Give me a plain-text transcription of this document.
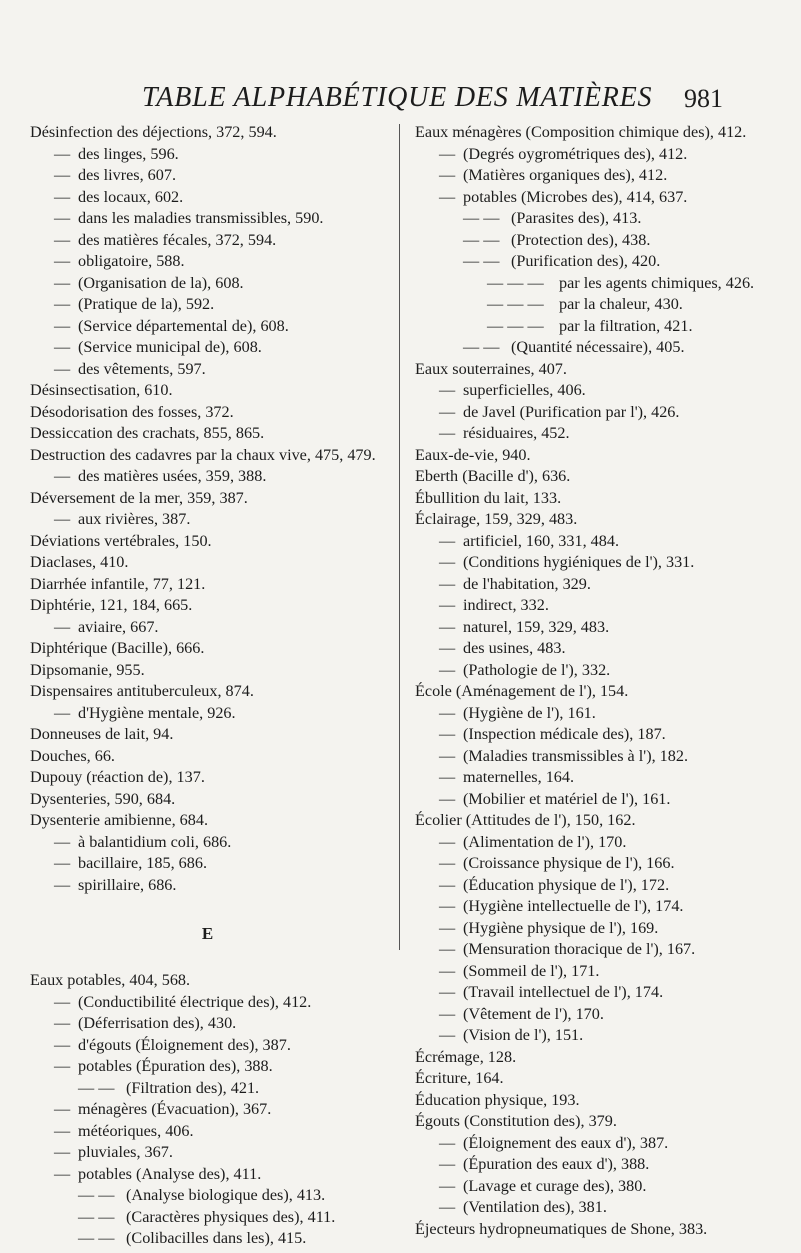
TABLE ALPHABÉTIQUE DES MATIÈRES 981
Désinfection des déjections, 372, 594.
— des linges, 596.
— des livres, 607.
— des locaux, 602.
— dans les maladies transmissibles, 590.
— des matières fécales, 372, 594.
— obligatoire, 588.
— (Organisation de la), 608.
— (Pratique de la), 592.
— (Service départemental de), 608.
— (Service municipal de), 608.
— des vêtements, 597.
Désinsectisation, 610.
Désodorisation des fosses, 372.
Dessiccation des crachats, 855, 865.
Destruction des cadavres par la chaux vive, 475, 479.
— des matières usées, 359, 388.
Déversement de la mer, 359, 387.
— aux rivières, 387.
Déviations vertébrales, 150.
Diaclases, 410.
Diarrhée infantile, 77, 121.
Diphtérie, 121, 184, 665.
— aviaire, 667.
Diphtérique (Bacille), 666.
Dipsomanie, 955.
Dispensaires antituberculeux, 874.
— d'Hygiène mentale, 926.
Donneuses de lait, 94.
Douches, 66.
Dupouy (réaction de), 137.
Dysenteries, 590, 684.
Dysenterie amibienne, 684.
— à balantidium coli, 686.
— bacillaire, 185, 686.
— spirillaire, 686.
E
Eaux potables, 404, 568.
— (Conductibilité électrique des), 412.
— (Déferrisation des), 430.
— d'égouts (Éloignement des), 387.
— potables (Épuration des), 388.
— — (Filtration des), 421.
— ménagères (Évacuation), 367.
— météoriques, 406.
— pluviales, 367.
— potables (Analyse des), 411.
— — (Analyse biologique des), 413.
— — (Caractères physiques des), 411.
— — (Colibacilles dans les), 415.
Eaux ménagères (Composition chimique des), 412.
— (Degrés oygrométriques des), 412.
— (Matières organiques des), 412.
— potables (Microbes des), 414, 637.
— — (Parasites des), 413.
— — (Protection des), 438.
— — (Purification des), 420.
— — — par les agents chimiques, 426.
— — — par la chaleur, 430.
— — — par la filtration, 421.
— — (Quantité nécessaire), 405.
Eaux souterraines, 407.
— superficielles, 406.
— de Javel (Purification par l'), 426.
— résiduaires, 452.
Eaux-de-vie, 940.
Eberth (Bacille d'), 636.
Ébullition du lait, 133.
Éclairage, 159, 329, 483.
— artificiel, 160, 331, 484.
— (Conditions hygiéniques de l'), 331.
— de l'habitation, 329.
— indirect, 332.
— naturel, 159, 329, 483.
— des usines, 483.
— (Pathologie de l'), 332.
École (Aménagement de l'), 154.
— (Hygiène de l'), 161.
— (Inspection médicale des), 187.
— (Maladies transmissibles à l'), 182.
— maternelles, 164.
— (Mobilier et matériel de l'), 161.
Écolier (Attitudes de l'), 150, 162.
— (Alimentation de l'), 170.
— (Croissance physique de l'), 166.
— (Éducation physique de l'), 172.
— (Hygiène intellectuelle de l'), 174.
— (Hygiène physique de l'), 169.
— (Mensuration thoracique de l'), 167.
— (Sommeil de l'), 171.
— (Travail intellectuel de l'), 174.
— (Vêtement de l'), 170.
— (Vision de l'), 151.
Écrémage, 128.
Écriture, 164.
Éducation physique, 193.
Égouts (Constitution des), 379.
— (Éloignement des eaux d'), 387.
— (Épuration des eaux d'), 388.
— (Lavage et curage des), 380.
— (Ventilation des), 381.
Éjecteurs hydropneumatiques de Shone, 383.
